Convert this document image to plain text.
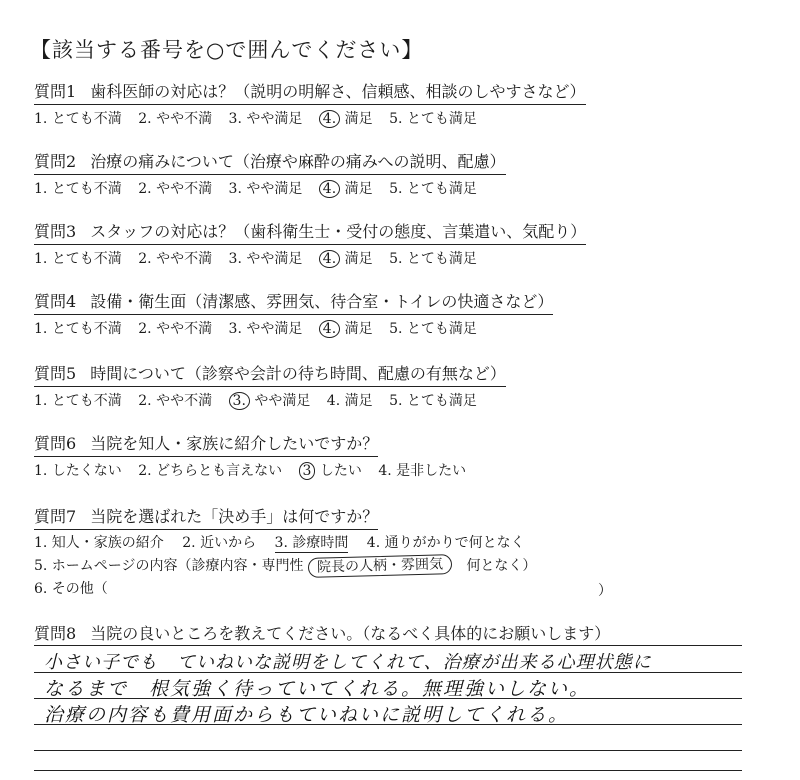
【該当する番号を○で囲んでください】
質問1 歯科医師の対応は？（説明の明解さ、信頼感、相談のしやすさなど）
1. とても不満 2. やや不満 3. やや満足 4. 満足 5. とても満足
質問2 治療の痛みについて（治療や麻酔の痛みへの説明、配慮）
1. とても不満 2. やや不満 3. やや満足 4. 満足 5. とても満足
質問3 スタッフの対応は？（歯科衛生士・受付の態度、言葉遣い、気配り）
1. とても不満 2. やや不満 3. やや満足 4. 満足 5. とても満足
質問4 設備・衛生面（清潔感、雰囲気、待合室・トイレの快適さなど）
1. とても不満 2. やや不満 3. やや満足 4. 満足 5. とても満足
質問5 時間について（診察や会計の待ち時間、配慮の有無など）
1. とても不満 2. やや不満 3. やや満足 4. 満足 5. とても満足
質問6 当院を知人・家族に紹介したいですか？
1. したくない 2. どちらとも言えない 3 したい 4. 是非したい
質問7 当院を選ばれた「決め手」は何ですか？
1. 知人・家族の紹介 2. 近いから 3. 診療時間 4. 通りがかりで何となく
5. ホームページの内容（診療内容・専門性 院長の人柄・雰囲気 何となく）
6. その他（	）
質問8 当院の良いところを教えてください。（なるべく具体的にお願いします）
小さい子でも　ていねいな説明をしてくれて、治療が出来る心理状態に
なるまで　根気強く待っていてくれる。無理強いしない。
治療の内容も費用面からもていねいに説明してくれる。
